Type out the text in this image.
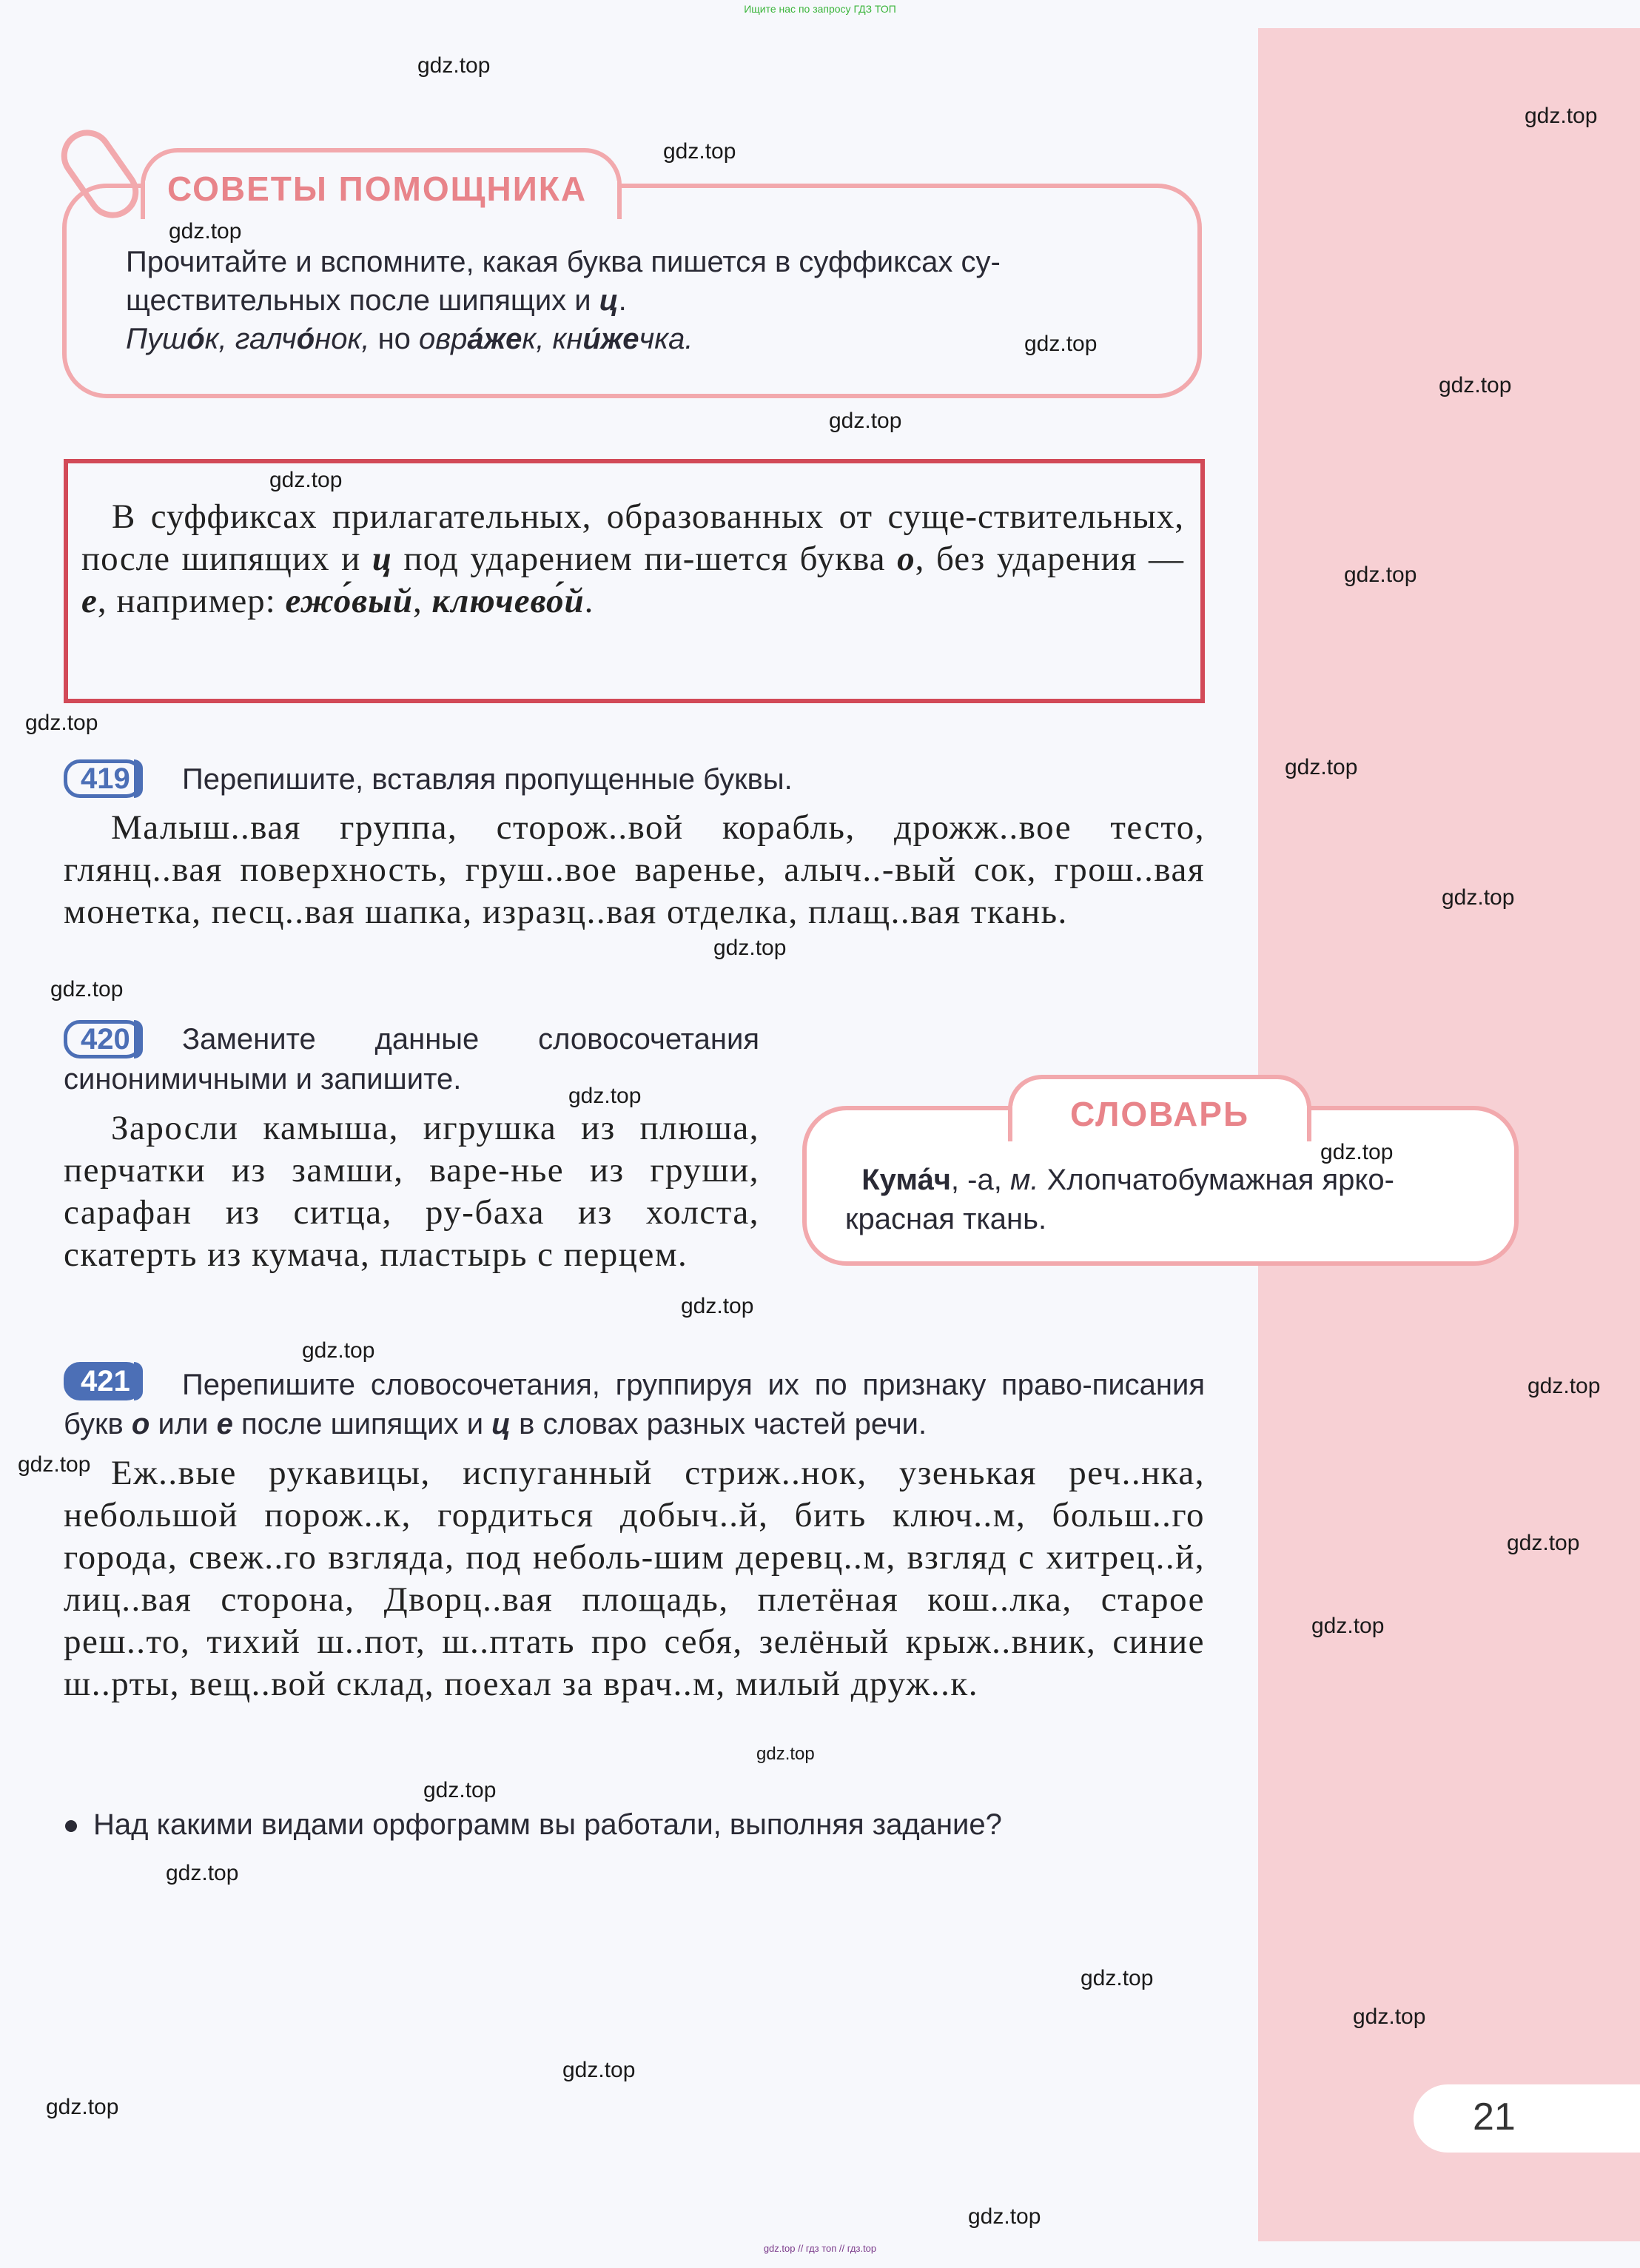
Ищите нас по запросу ГДЗ ТОП
СОВЕТЫ ПОМОЩНИКА
Прочитайте и вспомните, какая буква пишется в суффиксах су-
ществительных после шипящих и ц.
Пушо́к, галчо́нок, но овра́жек, кни́жечка.
В суффиксах прилагательных, образованных от суще-ствительных, после шипящих и ц под ударением пи-шется буква о, без ударения — е, например: ежо́вый, ключево́й.
419	Перепишите, вставляя пропущенные буквы.
Малыш..вая группа, сторож..вой корабль, дрожж..вое тесто, глянц..вая поверхность, груш..вое варенье, алыч..-вый сок, грош..вая монетка, песц..вая шапка, изразц..вая отделка, плащ..вая ткань.
420	Замените данные словосочетания
синонимичными и запишите.
Заросли камыша, игрушка из плюша, перчатки из замши, варе-нье из груши, сарафан из ситца, ру-баха из холста, скатерть из кумача, пластырь с перцем.
СЛОВАРЬ
Кума́ч, -а, м. Хлопчатобумажная ярко-красная ткань.
421	Перепишите словосочетания, группируя их по признаку право-писания букв о или е после шипящих и ц в словах разных частей речи.
Еж..вые рукавицы, испуганный стриж..нок, узенькая реч..нка, небольшой порож..к, гордиться добыч..й, бить ключ..м, больш..го города, свеж..го взгляда, под неболь-шим деревц..м, взгляд с хитрец..й, лиц..вая сторона, Дворц..вая площадь, плетёная кош..лка, старое реш..то, тихий ш..пот, ш..птать про себя, зелёный крыж..вник, синие ш..рты, вещ..вой склад, поехал за врач..м, милый друж..к.
Над какими видами орфограмм вы работали, выполняя задание?
21
gdz.top
gdz.top
gdz.top
gdz.top
gdz.top
gdz.top
gdz.top
gdz.top
gdz.top
gdz.top
gdz.top
gdz.top
gdz.top
gdz.top
gdz.top
gdz.top
gdz.top
gdz.top
gdz.top
gdz.top
gdz.top
gdz.top
gdz.top
gdz.top
gdz.top
gdz.top
gdz.top
gdz.top
gdz.top
gdz.top
gdz.top // гдз топ // гдз.top
